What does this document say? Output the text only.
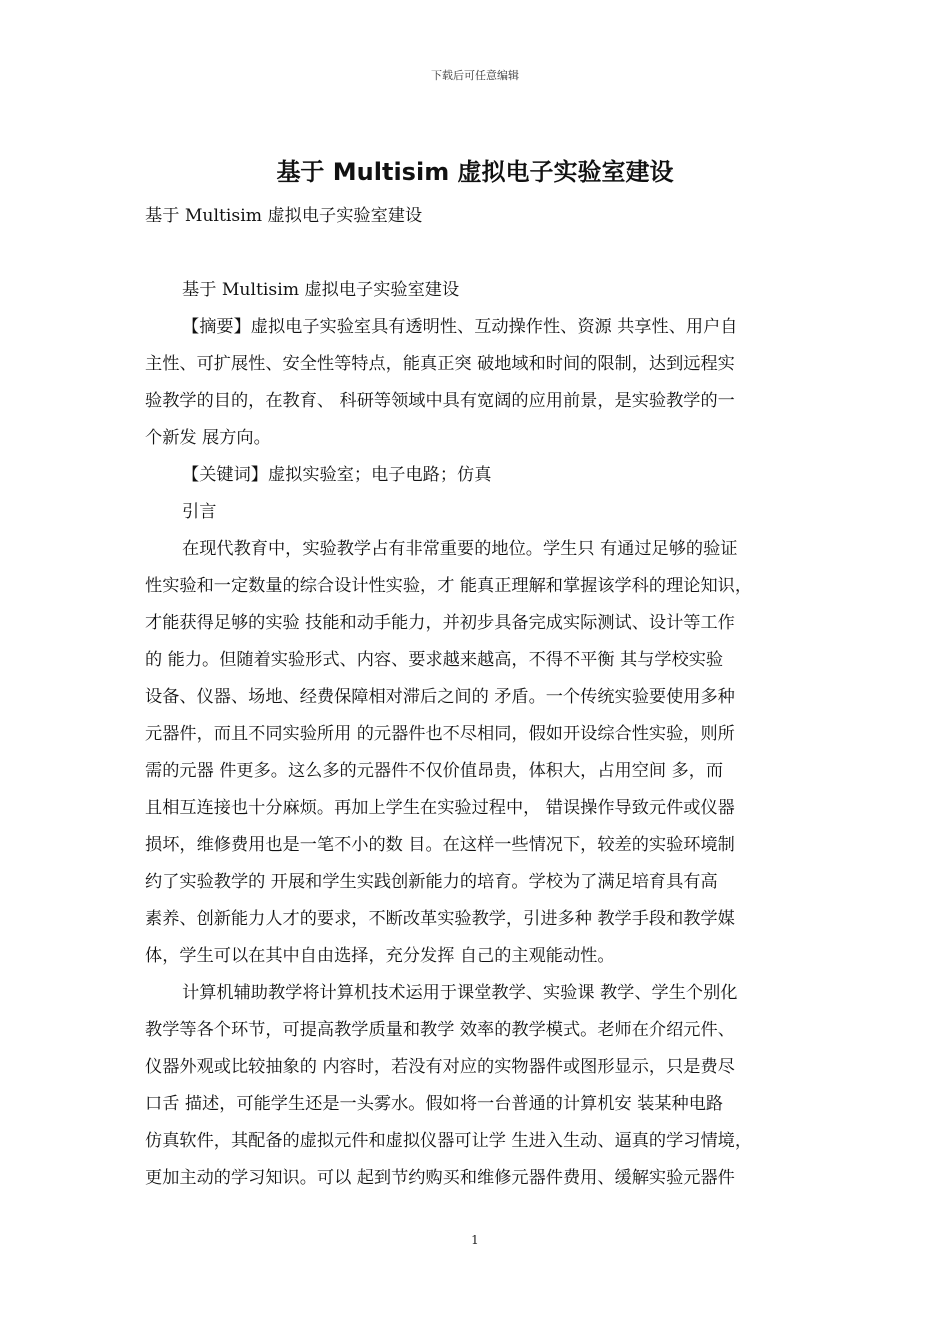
下载后可任意编辑
基于 Multisim 虚拟电子实验室建设
基于 Multisim 虚拟电子实验室建设
基于 Multisim 虚拟电子实验室建设
【摘要】虚拟电子实验室具有透明性、互动操作性、资源 共享性、用户自
主性、可扩展性、安全性等特点，能真正突 破地域和时间的限制，达到远程实
验教学的目的，在教育、 科研等领域中具有宽阔的应用前景，是实验教学的一
个新发 展方向。
【关键词】虚拟实验室；电子电路；仿真
引言
在现代教育中，实验教学占有非常重要的地位。学生只 有通过足够的验证
性实验和一定数量的综合设计性实验，才 能真正理解和掌握该学科的理论知识，
才能获得足够的实验 技能和动手能力，并初步具备完成实际测试、设计等工作
的 能力。但随着实验形式、内容、要求越来越高，不得不平衡 其与学校实验
设备、仪器、场地、经费保障相对滞后之间的 矛盾。一个传统实验要使用多种
元器件，而且不同实验所用 的元器件也不尽相同，假如开设综合性实验，则所
需的元器 件更多。这么多的元器件不仅价值昂贵，体积大，占用空间 多，而
且相互连接也十分麻烦。再加上学生在实验过程中， 错误操作导致元件或仪器
损坏，维修费用也是一笔不小的数 目。在这样一些情况下，较差的实验环境制
约了实验教学的 开展和学生实践创新能力的培育。学校为了满足培育具有高
素养、创新能力人才的要求，不断改革实验教学，引进多种 教学手段和教学媒
体，学生可以在其中自由选择，充分发挥 自己的主观能动性。
计算机辅助教学将计算机技术运用于课堂教学、实验课 教学、学生个别化
教学等各个环节，可提高教学质量和教学 效率的教学模式。老师在介绍元件、
仪器外观或比较抽象的 内容时，若没有对应的实物器件或图形显示，只是费尽
口舌 描述，可能学生还是一头雾水。假如将一台普通的计算机安 装某种电路
仿真软件，其配备的虚拟元件和虚拟仪器可让学 生进入生动、逼真的学习情境，
更加主动的学习知识。可以 起到节约购买和维修元器件费用、缓解实验元器件
1
